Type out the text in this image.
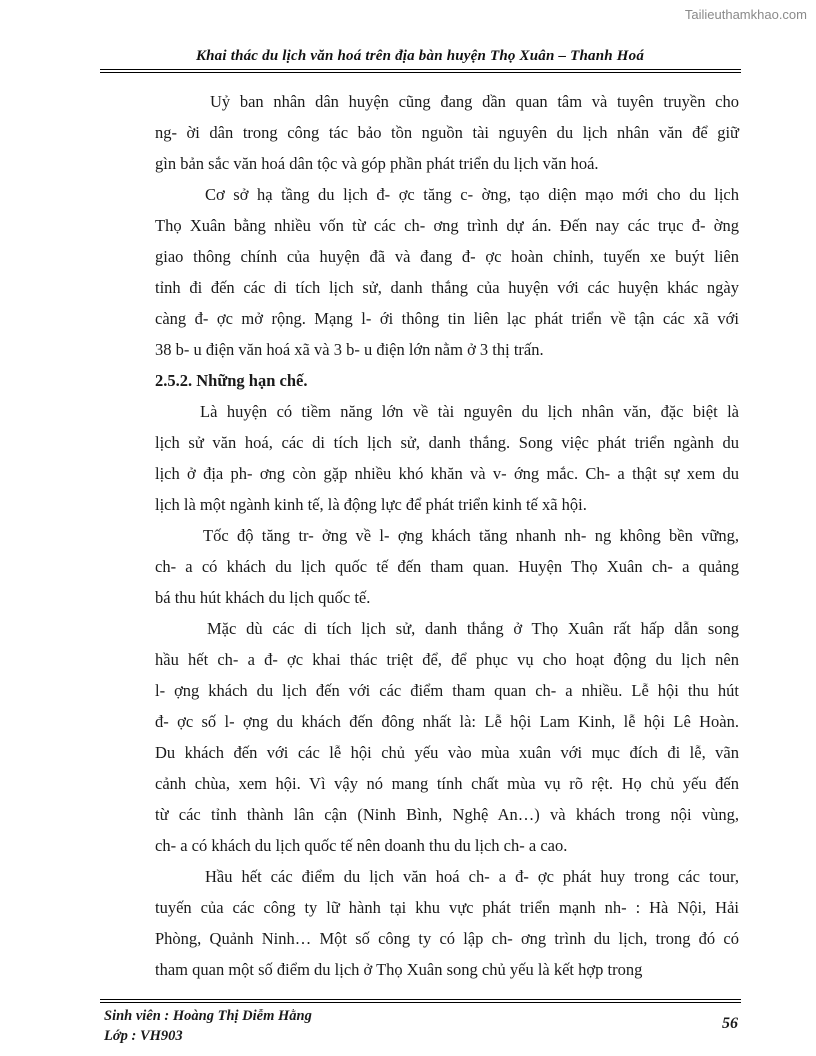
Tailieuthamkhao.com
Khai thác du lịch văn hoá trên địa bàn huyện Thọ Xuân – Thanh Hoá

Uỷ ban nhân dân huyện cũng đang dần quan tâm và tuyên truyền cho
ng- ời dân trong công tác bảo tồn nguồn tài nguyên du lịch nhân văn để giữ
gìn bản sắc văn hoá dân tộc và góp phần phát triển du lịch văn hoá.

Cơ sở hạ tầng du lịch đ- ợc tăng c- ờng, tạo diện mạo mới cho du lịch
Thọ Xuân bằng nhiều vốn từ các ch- ơng trình dự án. Đến nay các trục đ- ờng
giao thông chính của huyện đã và đang đ- ợc hoàn chỉnh, tuyến xe buýt liên
tỉnh đi đến các di tích lịch sử, danh thắng của huyện với các huyện khác ngày
càng đ- ợc mở rộng. Mạng l- ới thông tin liên lạc phát triển về tận các xã với
38 b- u điện văn hoá xã và 3 b- u điện lớn nằm ở 3 thị trấn.

2.5.2. Những hạn chế.

Là huyện có tiềm năng lớn về tài nguyên du lịch nhân văn, đặc biệt là
lịch sử văn hoá, các di tích lịch sử, danh thắng. Song việc phát triển ngành du
lịch ở địa ph- ơng còn gặp nhiều khó khăn và v- ớng mắc. Ch- a thật sự xem du
lịch là một ngành kinh tế, là động lực để phát triển kinh tế xã hội.

Tốc độ tăng tr- ởng về l- ợng khách tăng nhanh nh- ng không bền vững,
ch- a có khách du lịch quốc tế đến tham quan. Huyện Thọ Xuân ch- a quảng
bá thu hút khách du lịch quốc tế.

Mặc dù các di tích lịch sử, danh thắng ở Thọ Xuân rất hấp dẫn song
hầu hết ch- a đ- ợc khai thác triệt để, để phục vụ cho hoạt động du lịch nên
l- ợng khách du lịch đến với các điểm tham quan ch- a nhiều. Lễ hội thu hút
đ- ợc số l- ợng du khách đến đông nhất là: Lễ hội Lam Kinh, lễ hội Lê Hoàn.
Du khách đến với các lễ hội chủ yếu vào mùa xuân với mục đích đi lễ, vãn
cảnh chùa, xem hội. Vì vậy nó mang tính chất mùa vụ rõ rệt. Họ chủ yếu đến
từ các tỉnh thành lân cận (Ninh Bình, Nghệ An…) và khách trong nội vùng,
ch- a có khách du lịch quốc tế nên doanh thu du lịch ch- a cao.

Hầu hết các điểm du lịch văn hoá ch- a đ- ợc phát huy trong các tour,
tuyến của các công ty lữ hành tại khu vực phát triển mạnh nh- : Hà Nội, Hải
Phòng, Quảnh Ninh… Một số công ty có lập ch- ơng trình du lịch, trong đó có
tham quan một số điểm du lịch ở Thọ Xuân song chủ yếu là kết hợp trong

Sinh viên : Hoàng Thị Diễm Hằng
Lớp : VH903
56
